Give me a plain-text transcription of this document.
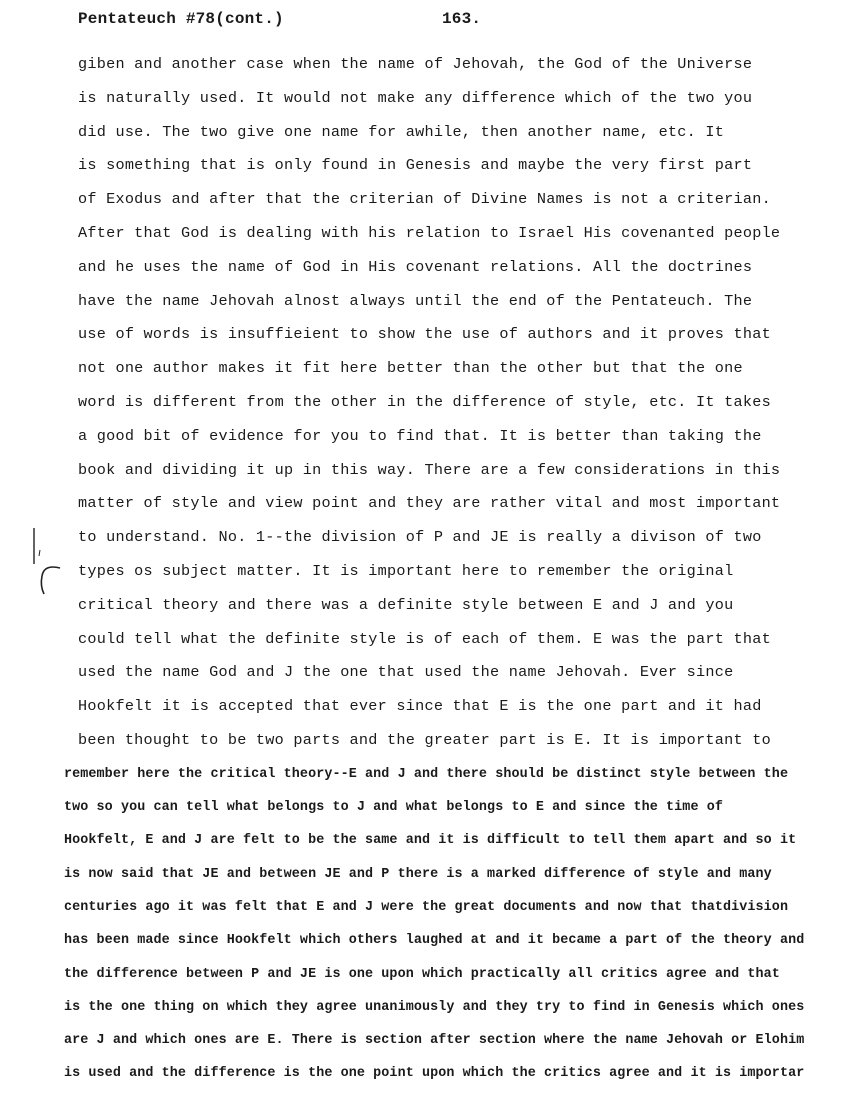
Pentateuch #78(cont.)	163.
giben and another case when the name of Jehovah, the God of the Universe
is naturally used. It would not make any difference which of the two you
did use. The two give one name for awhile, then another name, etc. It
is something that is only found in Genesis and maybe the very first part
of Exodus and after that the criterian of Divine Names is not a criterian.
After that God is dealing with his relation to Israel His covenanted people
and he uses the name of God in His covenant relations. All the doctrines
have the name Jehovah alnost always until the end of the Pentateuch. The
use of words is insuffieient to show the use of authors and it proves that
not one author makes it fit here better than the other but that the one
word is different from the other in the difference of style, etc. It takes
a good bit of evidence for you to find that. It is better than taking the
book and dividing it up in this way. There are a few considerations in this
matter of style and view point and they are rather vital and most important
to understand. No. 1--the division of P and JE is really a divison of two
types os subject matter. It is important here to remember the original
critical theory and there was a definite style between E and J and you
could tell what the definite style is of each of them. E was the part that
used the name God and J the one that used the name Jehovah. Ever since
Hookfelt it is accepted that ever since that E is the one part and it had
been thought to be two parts and the greater part is E. It is important to
remember here the critical theory--E and J and there should be distinct style between the
two so you can tell what belongs to J and what belongs to E and since the time of
Hookfelt, E and J are felt to be the same and it is difficult to tell them apart and so it
is now said that JE and between JE and P there is a marked difference of style and many
centuries ago it was felt that E and J were the great documents and now that thatdivision
has been made since Hookfelt which others laughed at and it became a part of the theory and
the difference between P and JE is one upon which practically all critics agree and that
is the one thing on which they agree unanimously and they try to find in Genesis which ones
are J and which ones are E. There is section after section where the name Jehovah or Elohim
is used and the difference is the one point upon which the critics agree and it is importar
